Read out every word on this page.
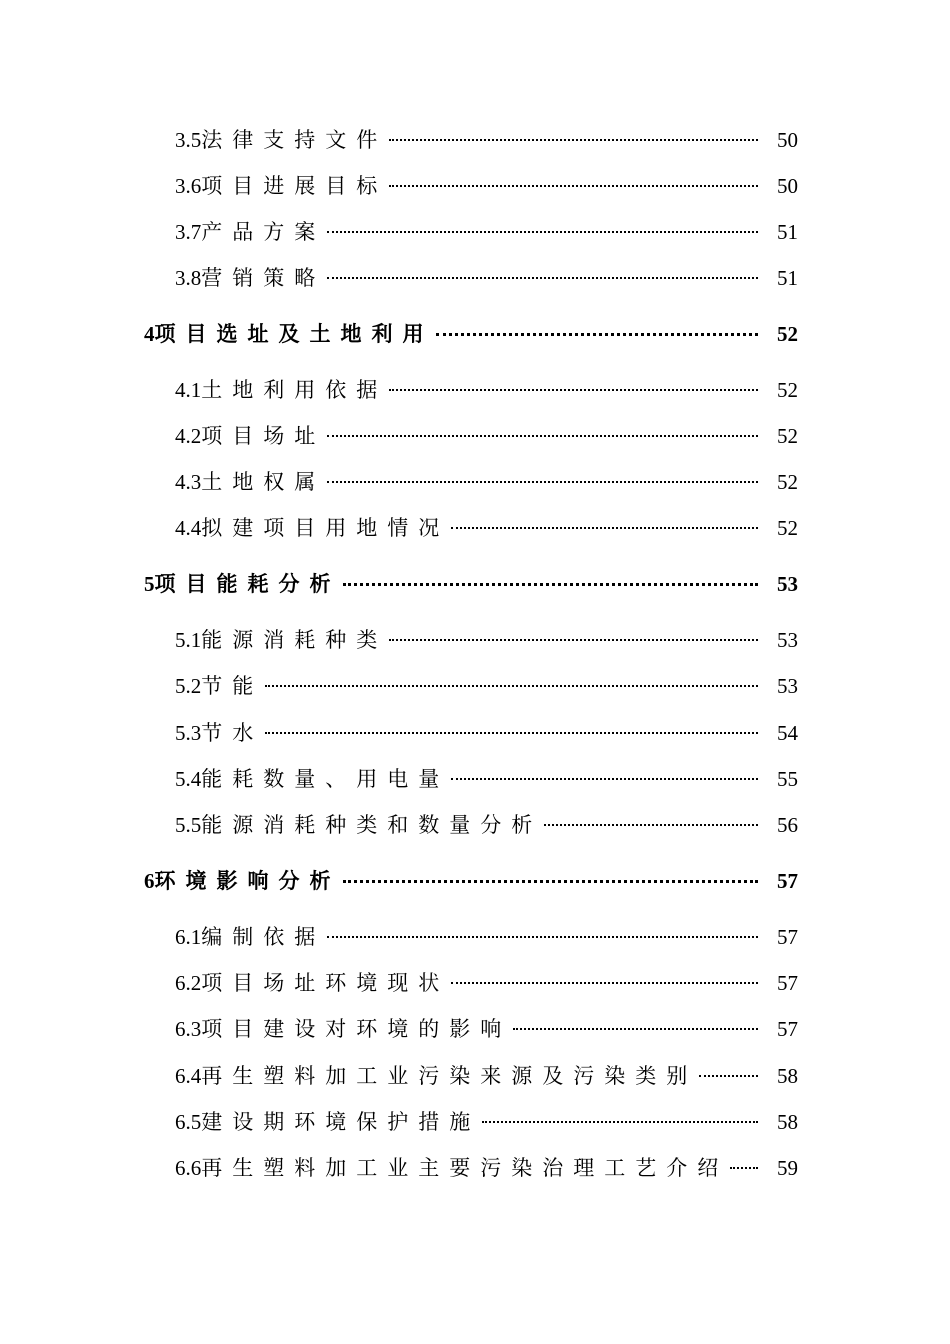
3.5法律支持文件	50
3.6项目进展目标	50
3.7产品方案	51
3.8营销策略	51
4项目选址及土地利用	52
4.1土地利用依据	52
4.2项目场址	52
4.3土地权属	52
4.4拟建项目用地情况	52
5项目能耗分析	53
5.1能源消耗种类	53
5.2节能	53
5.3节水	54
5.4能耗数量、用电量	55
5.5能源消耗种类和数量分析	56
6环境影响分析	57
6.1编制依据	57
6.2项目场址环境现状	57
6.3项目建设对环境的影响	57
6.4再生塑料加工业污染来源及污染类别	58
6.5建设期环境保护措施	58
6.6再生塑料加工业主要污染治理工艺介绍	59
